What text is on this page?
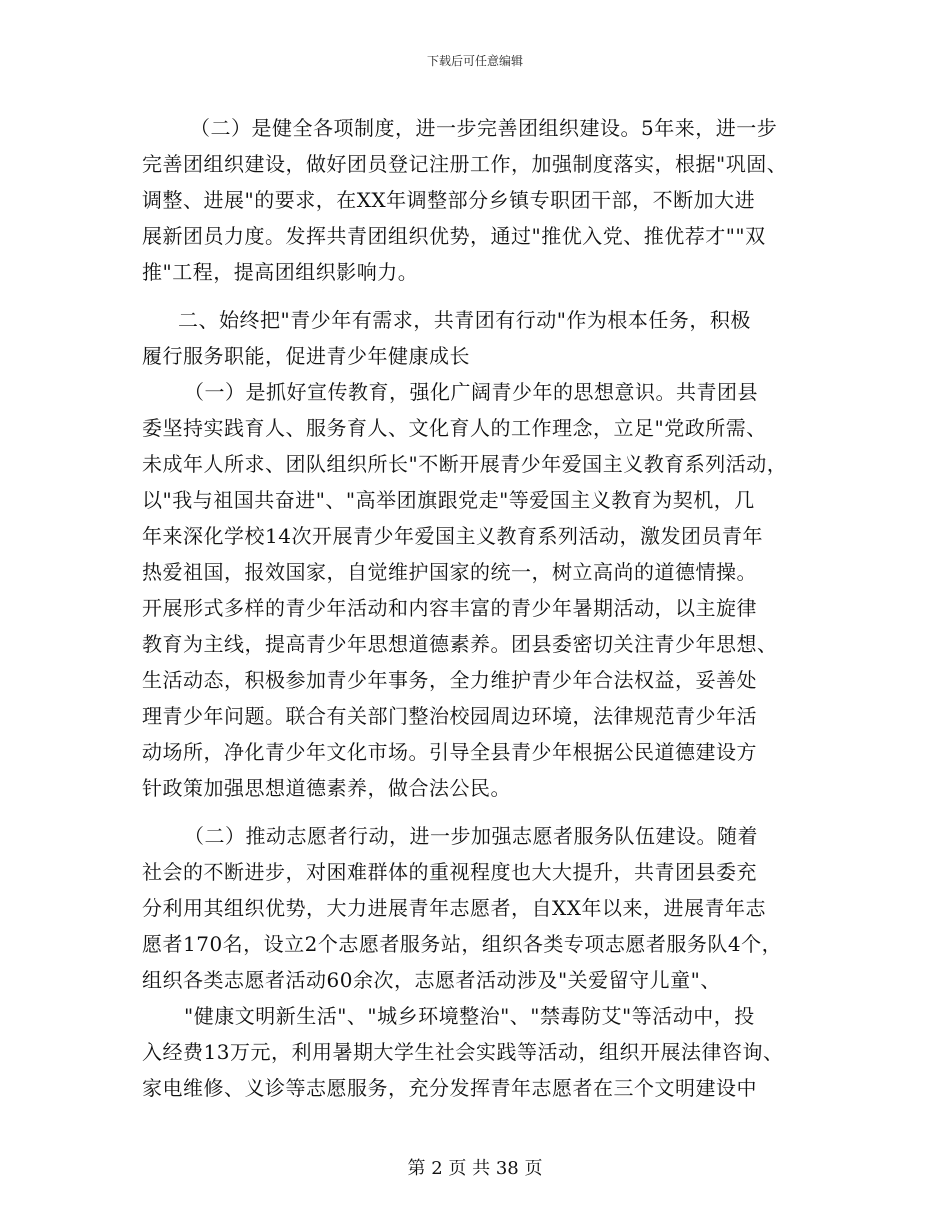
下载后可任意编辑
（二）是健全各项制度，进一步完善团组织建设。5年来，进一步
完善团组织建设，做好团员登记注册工作，加强制度落实，根据"巩固、
调整、进展"的要求，在XX年调整部分乡镇专职团干部，不断加大进
展新团员力度。发挥共青团组织优势，通过"推优入党、推优荐才""双
推"工程，提高团组织影响力。
二、始终把"青少年有需求，共青团有行动"作为根本任务，积极
履行服务职能，促进青少年健康成长
（一）是抓好宣传教育，强化广阔青少年的思想意识。共青团县
委坚持实践育人、服务育人、文化育人的工作理念，立足"党政所需、
未成年人所求、团队组织所长"不断开展青少年爱国主义教育系列活动，
以"我与祖国共奋进"、"高举团旗跟党走"等爱国主义教育为契机，几
年来深化学校14次开展青少年爱国主义教育系列活动，激发团员青年
热爱祖国，报效国家，自觉维护国家的统一，树立高尚的道德情操。
开展形式多样的青少年活动和内容丰富的青少年暑期活动，以主旋律
教育为主线，提高青少年思想道德素养。团县委密切关注青少年思想、
生活动态，积极参加青少年事务，全力维护青少年合法权益，妥善处
理青少年问题。联合有关部门整治校园周边环境，法律规范青少年活
动场所，净化青少年文化市场。引导全县青少年根据公民道德建设方
针政策加强思想道德素养，做合法公民。
（二）推动志愿者行动，进一步加强志愿者服务队伍建设。随着
社会的不断进步，对困难群体的重视程度也大大提升，共青团县委充
分利用其组织优势，大力进展青年志愿者，自XX年以来，进展青年志
愿者170名，设立2个志愿者服务站，组织各类专项志愿者服务队4个，
组织各类志愿者活动60余次，志愿者活动涉及"关爱留守儿童"、
"健康文明新生活"、"城乡环境整治"、"禁毒防艾"等活动中，投
入经费13万元，利用暑期大学生社会实践等活动，组织开展法律咨询、
家电维修、义诊等志愿服务，充分发挥青年志愿者在三个文明建设中
第 2 页 共 38 页
